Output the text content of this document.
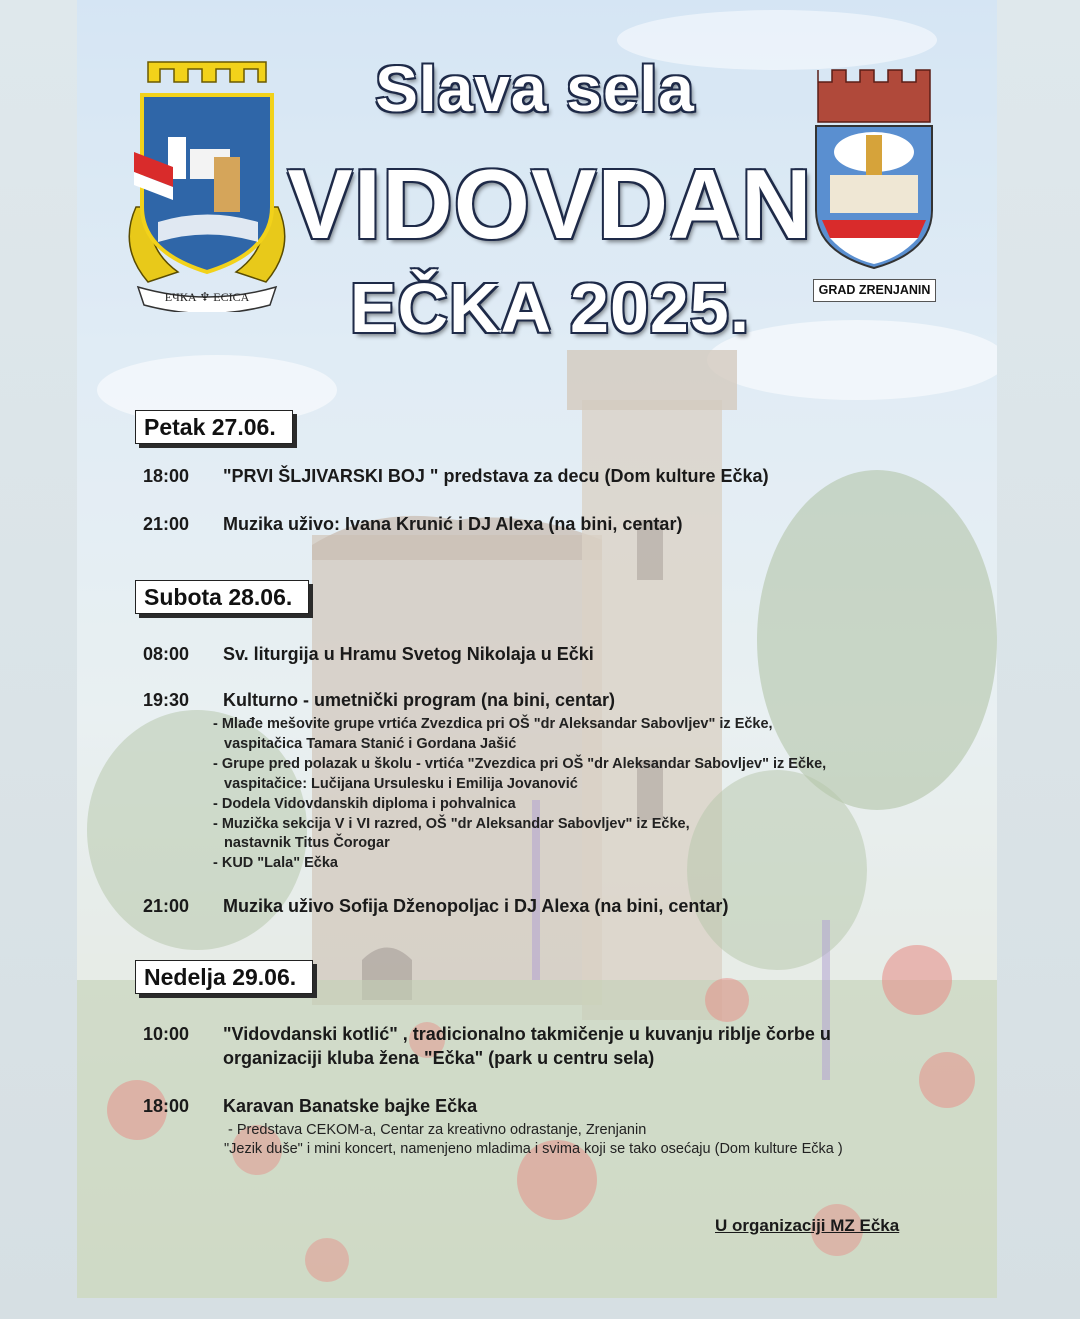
ЕЧКА ♆ ECICA	GRAD ZRENJANIN
Slava sela
VIDOVDAN
EČKA 2025.
Petak 27.06.
18:00 "PRVI ŠLJIVARSKI BOJ " predstava za decu (Dom kulture Ečka)
21:00 Muzika uživo: Ivana Krunić i DJ Alexa (na bini, centar)
Subota 28.06.
08:00 Sv. liturgija u Hramu Svetog Nikolaja u Ečki
19:30 Kulturno - umetnički program (na bini, centar)
- Mlađe mešovite grupe vrtića Zvezdica pri OŠ "dr Aleksandar Sabovljev" iz Ečke,
vaspitačica Tamara Stanić i Gordana Jašić
- Grupe pred polazak u školu - vrtića "Zvezdica pri OŠ "dr Aleksandar Sabovljev" iz Ečke,
vaspitačice: Lučijana Ursulesku i Emilija Jovanović
- Dodela Vidovdanskih diploma i pohvalnica
- Muzička sekcija V i VI razred, OŠ "dr Aleksandar Sabovljev" iz Ečke,
nastavnik Titus Čorogar
- KUD "Lala" Ečka
21:00 Muzika uživo Sofija Dženopoljac i DJ Alexa (na bini, centar)
Nedelja 29.06.
10:00 "Vidovdanski kotlić" , tradicionalno takmičenje u kuvanju riblje čorbe u
organizaciji kluba žena "Ečka" (park u centru sela)
18:00 Karavan Banatske bajke Ečka
- Predstava CEKOM-a, Centar za kreativno odrastanje, Zrenjanin
"Jezik duše" i mini koncert, namenjeno mladima i svima koji se tako osećaju (Dom kulture Ečka )
U organizaciji MZ Ečka
